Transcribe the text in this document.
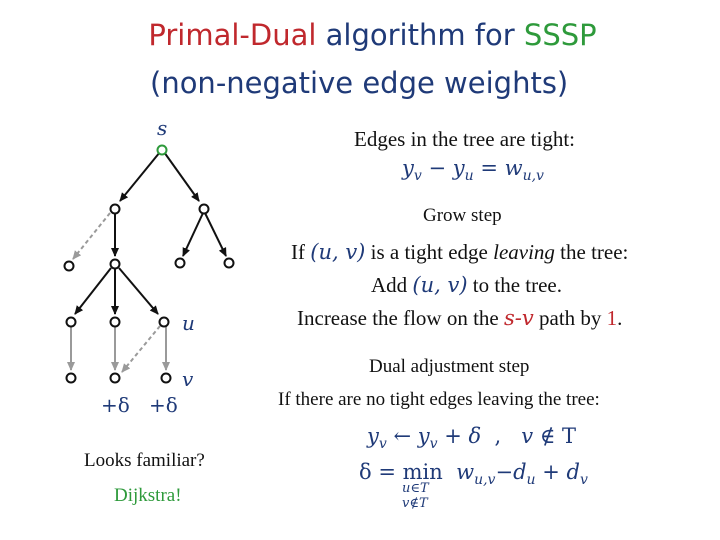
Primal-Dual algorithm for SSSP
(non-negative edge weights)
s
u
v
+δ +δ
Edges in the tree are tight:
$y_v - y_u = w_{u,v}$
Grow step
If (u, v) is a tight edge leaving the tree:
Add (u, v) to the tree.
Increase the flow on the s-v path by 1.
Dual adjustment step
If there are no tight edges leaving the tree:
$y_v$ ← $y_v + \delta$  ,   v ∉ T
$\delta = \min w_{u,v}-d_u + d_v$
u∈T
v∉T
Looks familiar?
Dijkstra!
